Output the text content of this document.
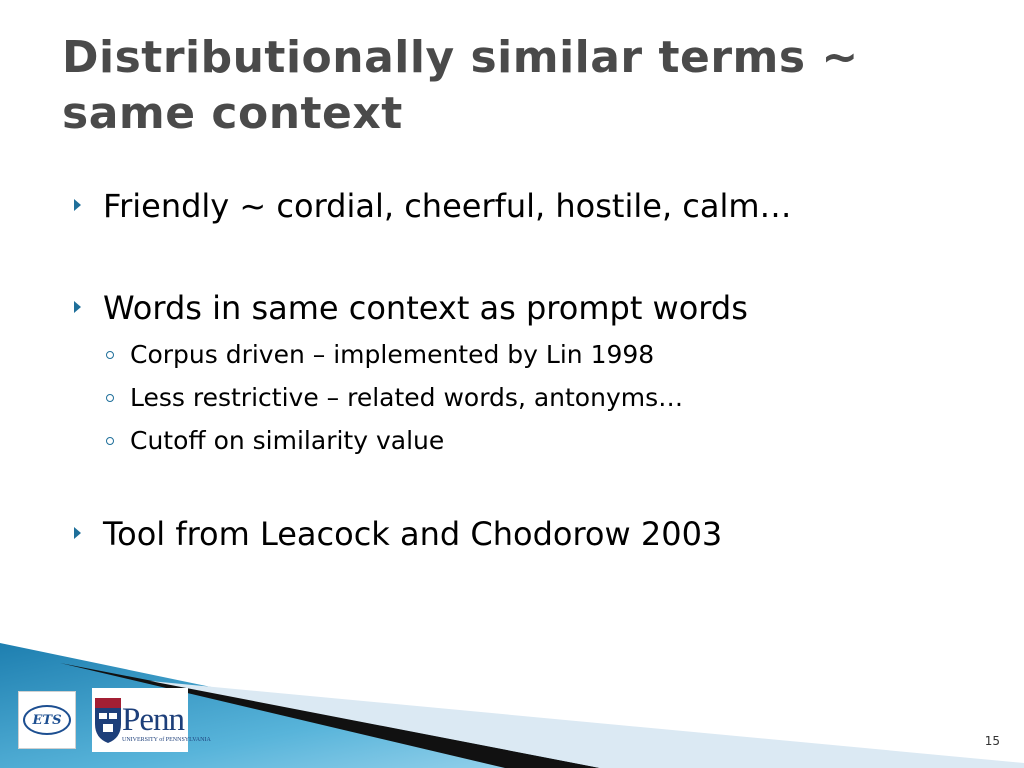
Distributionally similar terms ~ same context
Friendly ~ cordial, cheerful, hostile, calm…
Words in same context as prompt words
Corpus driven – implemented by Lin 1998
Less restrictive – related words, antonyms…
Cutoff on similarity value
Tool from Leacock and Chodorow 2003
ETS Penn
UNIVERSITY of PENNSYLVANIA	15
